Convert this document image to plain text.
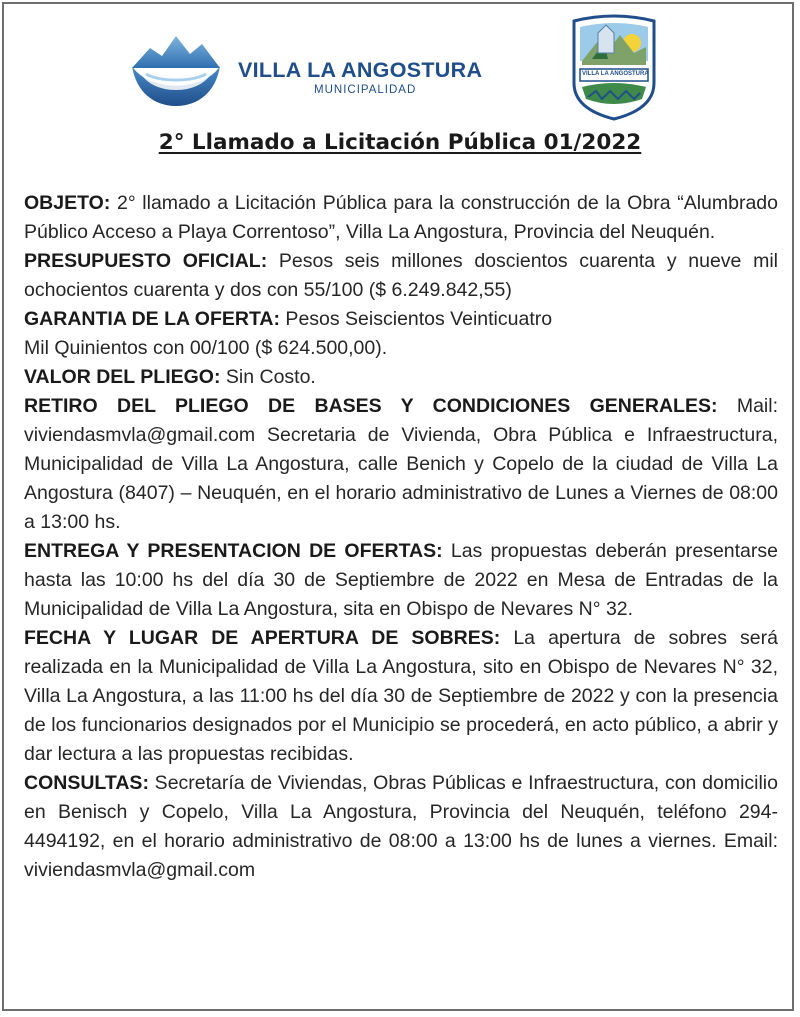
VILLA LA ANGOSTURA
MUNICIPALIDAD
VILLA LA ANGOSTURA
2° Llamado a Licitación Pública 01/2022

OBJETO: 2° llamado a Licitación Pública para la construcción de la Obra “Alumbrado Público Acceso a Playa Correntoso”, Villa La Angostura, Provincia del Neuquén.

PRESUPUESTO OFICIAL: Pesos seis millones doscientos cuarenta y nueve mil ochocientos cuarenta y dos con 55/100 ($ 6.249.842,55)

GARANTIA DE LA OFERTA: Pesos Seiscientos Veinticuatro
Mil Quinientos con 00/100 ($ 624.500,00).

VALOR DEL PLIEGO: Sin Costo.

RETIRO DEL PLIEGO DE BASES Y CONDICIONES GENERALES: Mail: viviendasmvla@gmail.com Secretaria de Vivienda, Obra Pública e Infraestructura, Municipalidad de Villa La Angostura, calle Benich y Copelo de la ciudad de Villa La Angostura (8407) – Neuquén, en el horario administrativo de Lunes a Viernes de 08:00 a 13:00 hs.

ENTREGA Y PRESENTACION DE OFERTAS: Las propuestas deberán presentarse hasta las 10:00 hs del día 30 de Septiembre de 2022 en Mesa de Entradas de la Municipalidad de Villa La Angostura, sita en Obispo de Nevares N° 32.

FECHA Y LUGAR DE APERTURA DE SOBRES: La apertura de sobres será realizada en la Municipalidad de Villa La Angostura, sito en Obispo de Nevares N° 32, Villa La Angostura, a las 11:00 hs del día 30 de Septiembre de 2022 y con la presencia de los funcionarios designados por el Municipio se procederá, en acto público, a abrir y dar lectura a las propuestas recibidas.

CONSULTAS: Secretaría de Viviendas, Obras Públicas e Infraestructura, con domicilio en Benisch y Copelo, Villa La Angostura, Provincia del Neuquén, teléfono 294-4494192, en el horario administrativo de 08:00 a 13:00 hs de lunes a viernes. Email: viviendasmvla@gmail.com
